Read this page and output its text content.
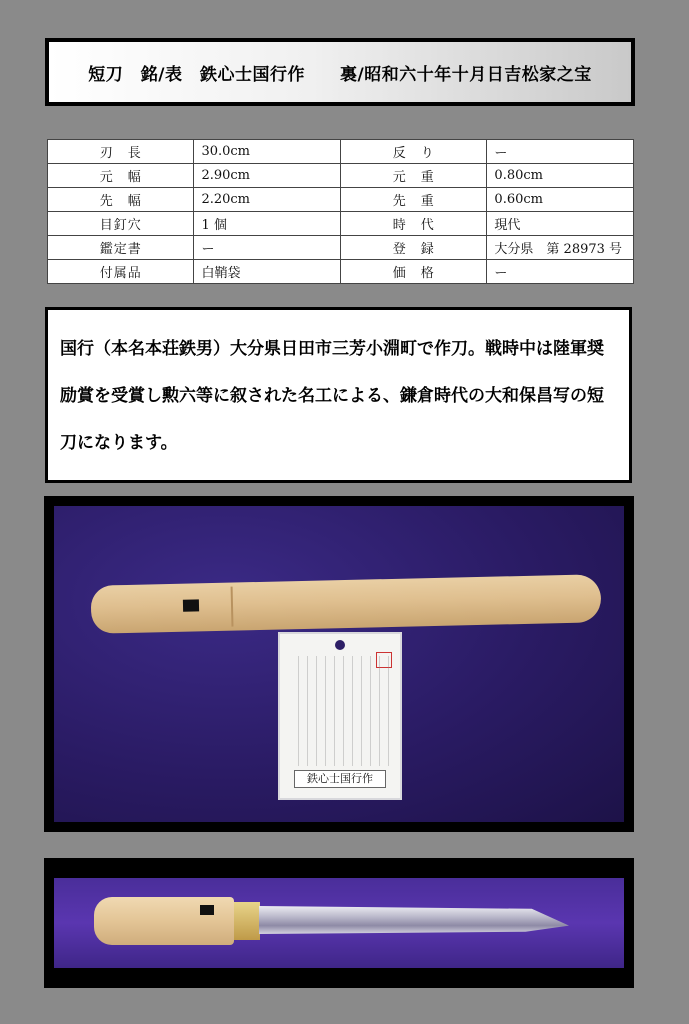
短刀　銘/表　鉄心士国行作　　裏/昭和六十年十月日吉松家之宝
刃　長	30.0cm	反　り	ー
元　幅	2.90cm	元　重	0.80cm
先　幅	2.20cm	先　重	0.60cm
目釘穴	1 個	時　代	現代
鑑定書	ー	登　録	大分県　第 28973 号
付属品	白鞘袋	価　格	ー

国行（本名本荘鉄男）大分県日田市三芳小淵町で作刀。戦時中は陸軍奨励賞を受賞し勲六等に叙された名工による、鎌倉時代の大和保昌写の短刀になります。

鉄心士国行作
